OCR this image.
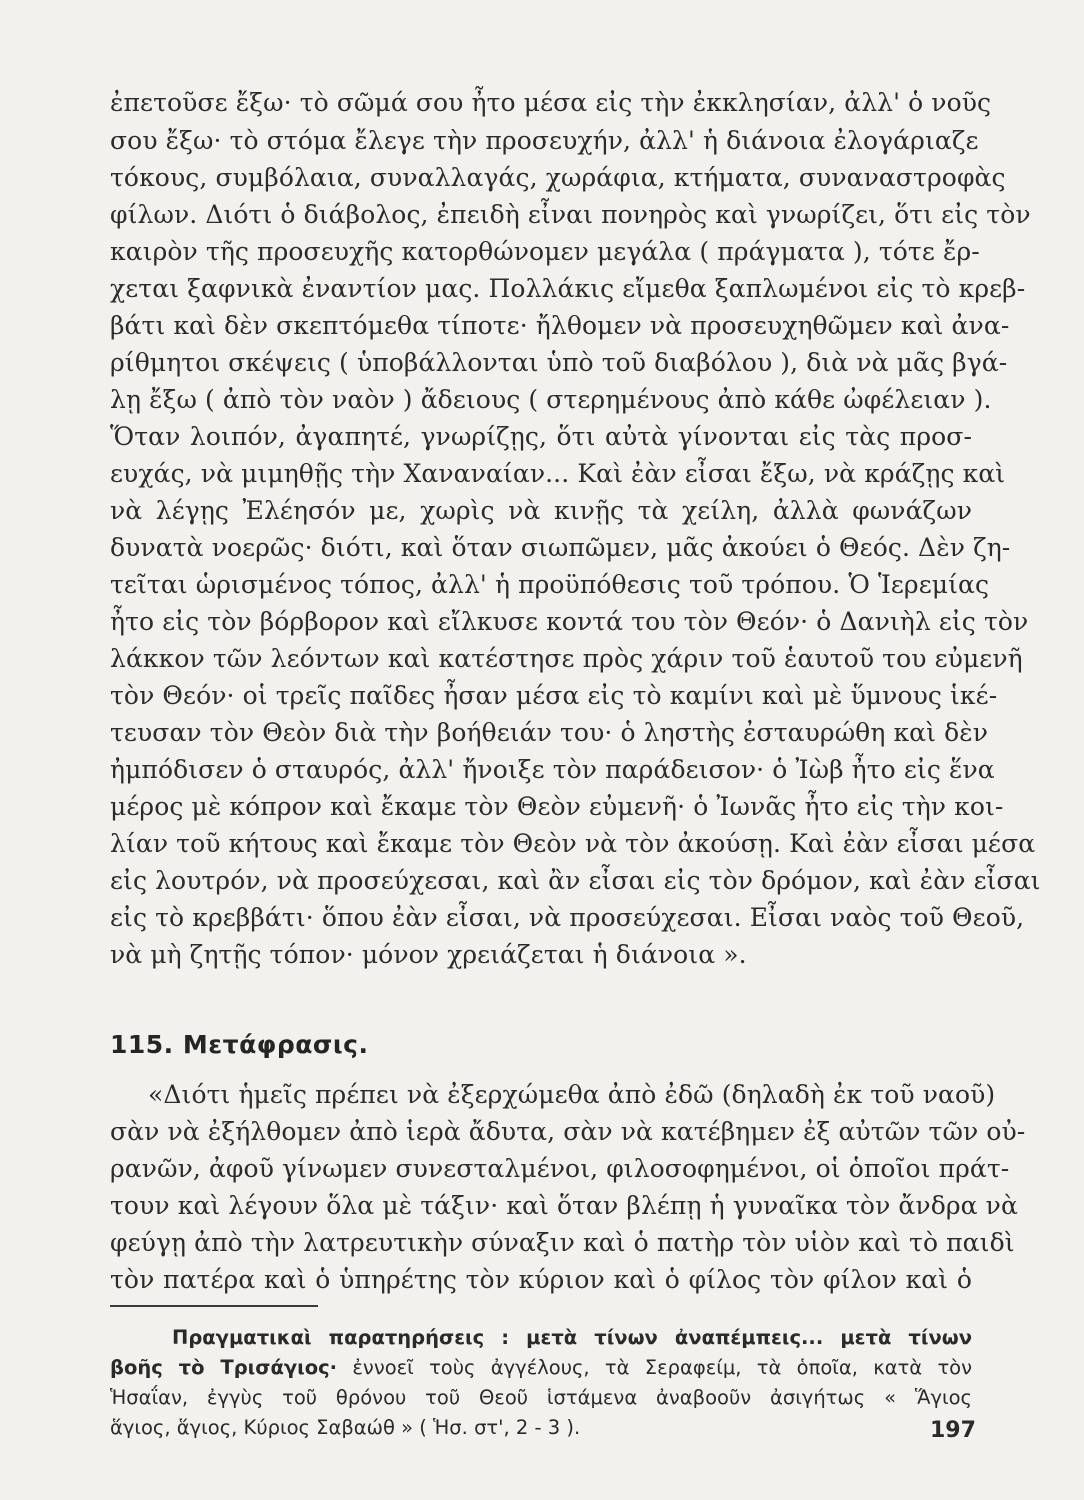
ἐπετοῦσε ἔξω· τὸ σῶμά σου ἦτο μέσα εἰς τὴν ἐκκλησίαν, ἀλλ' ὁ νοῦς
σου ἔξω· τὸ στόμα ἔλεγε τὴν προσευχήν, ἀλλ' ἡ διάνοια ἐλογάριαζε
τόκους, συμβόλαια, συναλλαγάς, χωράφια, κτήματα, συναναστροφὰς
φίλων. Διότι ὁ διάβολος, ἐπειδὴ εἶναι πονηρὸς καὶ γνωρίζει, ὅτι εἰς τὸν
καιρὸν τῆς προσευχῆς κατορθώνομεν μεγάλα ( πράγματα ), τότε ἔρ-
χεται ξαφνικὰ ἐναντίον μας. Πολλάκις εἴμεθα ξαπλωμένοι εἰς τὸ κρεβ-
βάτι καὶ δὲν σκεπτόμεθα τίποτε· ἤλθομεν νὰ προσευχηθῶμεν καὶ ἀνα-
ρίθμητοι σκέψεις ( ὑποβάλλονται ὑπὸ τοῦ διαβόλου ), διὰ νὰ μᾶς βγά-
λῃ ἔξω ( ἀπὸ τὸν ναὸν ) ἄδειους ( στερημένους ἀπὸ κάθε ὠφέλειαν ).
Ὅταν λοιπόν, ἀγαπητέ, γνωρίζῃς, ὅτι αὐτὰ γίνονται εἰς τὰς προσ-
ευχάς, νὰ μιμηθῇς τὴν Χαναναίαν... Καὶ ἐὰν εἶσαι ἔξω, νὰ κράζῃς καὶ
νὰ λέγῃς Ἐλέησόν με, χωρὶς νὰ κινῇς τὰ χείλη, ἀλλὰ φωνάζων
δυνατὰ νοερῶς· διότι, καὶ ὅταν σιωπῶμεν, μᾶς ἀκούει ὁ Θεός. Δὲν ζη-
τεῖται ὡρισμένος τόπος, ἀλλ' ἡ προϋπόθεσις τοῦ τρόπου. Ὁ Ἱερεμίας
ἦτο εἰς τὸν βόρβορον καὶ εἴλκυσε κοντά του τὸν Θεόν· ὁ Δανιὴλ εἰς τὸν
λάκκον τῶν λεόντων καὶ κατέστησε πρὸς χάριν τοῦ ἑαυτοῦ του εὐμενῆ
τὸν Θεόν· οἱ τρεῖς παῖδες ἦσαν μέσα εἰς τὸ καμίνι καὶ μὲ ὕμνους ἱκέ-
τευσαν τὸν Θεὸν διὰ τὴν βοήθειάν του· ὁ ληστὴς ἐσταυρώθη καὶ δὲν
ἠμπόδισεν ὁ σταυρός, ἀλλ' ἤνοιξε τὸν παράδεισον· ὁ Ἰὼβ ἦτο εἰς ἕνα
μέρος μὲ κόπρον καὶ ἔκαμε τὸν Θεὸν εὐμενῆ· ὁ Ἰωνᾶς ἦτο εἰς τὴν κοι-
λίαν τοῦ κήτους καὶ ἔκαμε τὸν Θεὸν νὰ τὸν ἀκούσῃ. Καὶ ἐὰν εἶσαι μέσα
εἰς λουτρόν, νὰ προσεύχεσαι, καὶ ἂν εἶσαι εἰς τὸν δρόμον, καὶ ἐὰν εἶσαι
εἰς τὸ κρεββάτι· ὅπου ἐὰν εἶσαι, νὰ προσεύχεσαι. Εἶσαι ναὸς τοῦ Θεοῦ,
νὰ μὴ ζητῇς τόπον· μόνον χρειάζεται ἡ διάνοια ».
115. Μετάφρασις.
«Διότι ἡμεῖς πρέπει νὰ ἐξερχώμεθα ἀπὸ ἐδῶ (δηλαδὴ ἐκ τοῦ ναοῦ)
σὰν νὰ ἐξήλθομεν ἀπὸ ἱερὰ ἄδυτα, σὰν νὰ κατέβημεν ἐξ αὐτῶν τῶν οὐ-
ρανῶν, ἀφοῦ γίνωμεν συνεσταλμένοι, φιλοσοφημένοι, οἱ ὁποῖοι πράτ-
τουν καὶ λέγουν ὅλα μὲ τάξιν· καὶ ὅταν βλέπῃ ἡ γυναῖκα τὸν ἄνδρα νὰ
φεύγῃ ἀπὸ τὴν λατρευτικὴν σύναξιν καὶ ὁ πατὴρ τὸν υἱὸν καὶ τὸ παιδὶ
τὸν πατέρα καὶ ὁ ὑπηρέτης τὸν κύριον καὶ ὁ φίλος τὸν φίλον καὶ ὁ
Πραγματικαὶ παρατηρήσεις : μετὰ τίνων ἀναπέμπεις... μετὰ τίνων
βοῆς τὸ Τρισάγιος· ἐννοεῖ τοὺς ἀγγέλους, τὰ Σεραφείμ, τὰ ὁποῖα, κατὰ τὸν
Ἡσαΐαν, ἐγγὺς τοῦ θρόνου τοῦ Θεοῦ ἱστάμενα ἀναβοοῦν ἀσιγήτως « Ἅγιος
ἅγιος, ἅγιος, Κύριος Σαβαώθ » ( Ἡσ. στ', 2 - 3 ).	197
